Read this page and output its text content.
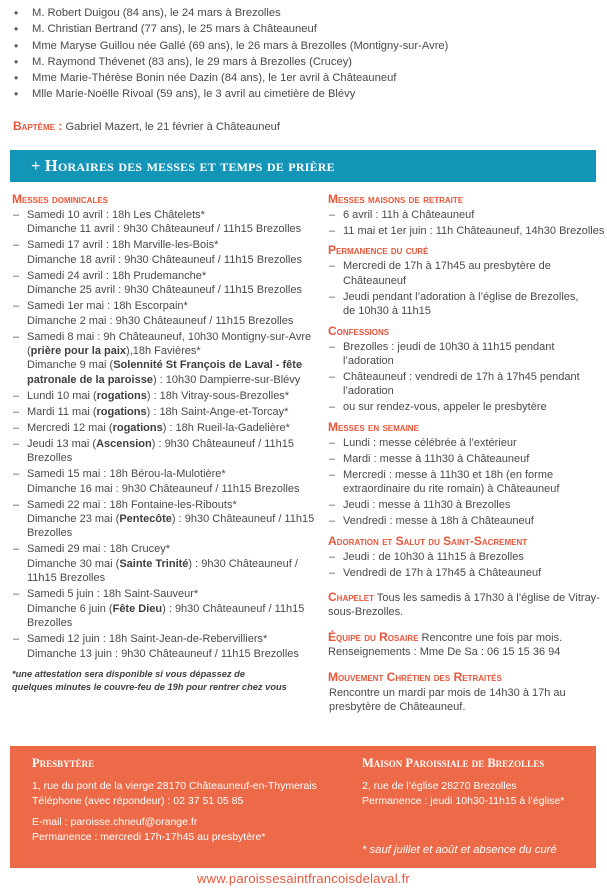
• M. Robert Duigou (84 ans), le 24 mars à Brezolles
• M. Christian Bertrand (77 ans), le 25 mars à Châteauneuf
• Mme Maryse Guillou née Gallé (69 ans), le 26 mars à Brezolles (Montigny-sur-Avre)
• M. Raymond Thévenet (83 ans), le 29 mars à Brezolles (Crucey)
• Mme Marie-Thérèse Bonin née Dazin (84 ans), le 1er avril à Châteauneuf
• Mlle Marie-Noëlle Rivoal (59 ans), le 3 avril au cimetière de Blévy
Baptême : Gabriel Mazert, le 21 février à Châteauneuf
+ Horaires des messes et temps de prière
Messes dominicales
– Samedi 10 avril : 18h Les Châtelets*
Dimanche 11 avril : 9h30 Châteauneuf / 11h15 Brezolles
– Samedi 17 avril : 18h Marville-les-Bois*
Dimanche 18 avril : 9h30 Châteauneuf / 11h15 Brezolles
– Samedi 24 avril : 18h Prudemanche*
Dimanche 25 avril : 9h30 Châteauneuf / 11h15 Brezolles
– Samedi 1er mai : 18h Escorpain*
Dimanche 2 mai : 9h30 Châteauneuf / 11h15 Brezolles
– Samedi 8 mai : 9h Châteauneuf, 10h30 Montigny-sur-Avre
(prière pour la paix),18h Favières*
Dimanche 9 mai (Solennité St François de Laval - fête
patronale de la paroisse) : 10h30 Dampierre-sur-Blévy
– Lundi 10 mai (rogations) : 18h Vitray-sous-Brezolles*
– Mardi 11 mai (rogations) : 18h Saint-Ange-et-Torcay*
– Mercredi 12 mai (rogations) : 18h Rueil-la-Gadelière*
– Jeudi 13 mai (Ascension) : 9h30 Châteauneuf / 11h15
Brezolles
– Samedi 15 mai : 18h Bérou-la-Mulotière*
Dimanche 16 mai : 9h30 Châteauneuf / 11h15 Brezolles
– Samedi 22 mai : 18h Fontaine-les-Ribouts*
Dimanche 23 mai (Pentecôte) : 9h30 Châteauneuf / 11h15
Brezolles
– Samedi 29 mai : 18h Crucey*
Dimanche 30 mai (Sainte Trinité) : 9h30 Châteauneuf /
11h15 Brezolles
– Samedi 5 juin : 18h Saint-Sauveur*
Dimanche 6 juin (Fête Dieu) : 9h30 Châteauneuf / 11h15
Brezolles
– Samedi 12 juin : 18h Saint-Jean-de-Rebervilliers*
Dimanche 13 juin : 9h30 Châteauneuf / 11h15 Brezolles
*une attestation sera disponible si vous dépassez de
quelques minutes le couvre-feu de 19h pour rentrer chez vous
Messes maisons de retraite
– 6 avril : 11h à Châteauneuf
– 11 mai et 1er juin : 11h Châteauneuf, 14h30 Brezolles
Permanence du curé
– Mercredi de 17h à 17h45 au presbytère de
Châteauneuf
– Jeudi pendant l’adoration à l’église de Brezolles,
de 10h30 à 11h15
Confessions
– Brezolles : jeudi de 10h30 à 11h15 pendant
l’adoration
– Châteauneuf : vendredi de 17h à 17h45 pendant
l’adoration
– ou sur rendez-vous, appeler le presbytère
Messes en semaine
– Lundi : messe célébrée à l’extérieur
– Mardi : messe à 11h30 à Châteauneuf
– Mercredi : messe à 11h30 et 18h (en forme
extraordinaire du rite romain) à Châteauneuf
– Jeudi : messe à 11h30 à Brezolles
– Vendredi : messe à 18h à Châteauneuf
Adoration et Salut du Saint-Sacrement
– Jeudi : de 10h30 à 11h15 à Brezolles
– Vendredi de 17h à 17h45 à Châteauneuf
Chapelet Tous les samedis à 17h30 à l’église de Vitray-
sous-Brezolles.
Équipe du Rosaire Rencontre une fois par mois.
Renseignements : Mme De Sa : 06 15 15 36 94
Mouvement Chrétien des Retraités
Rencontre un mardi par mois de 14h30 à 17h au
presbytère de Châteauneuf.
Presbytère
1, rue du pont de la vierge 28170 Châteauneuf-en-Thymerais
Téléphone (avec répondeur) : 02 37 51 05 85
E-mail : paroisse.chneuf@orange.fr
Permanence : mercredi 17h-17h45 au presbytère*
Maison Paroissiale de Brezolles
2, rue de l’église 28270 Brezolles
Permanence : jeudi 10h30-11h15 à l’église*
* sauf juillet et août et absence du curé
www.paroissesaintfrancoisdelaval.fr
